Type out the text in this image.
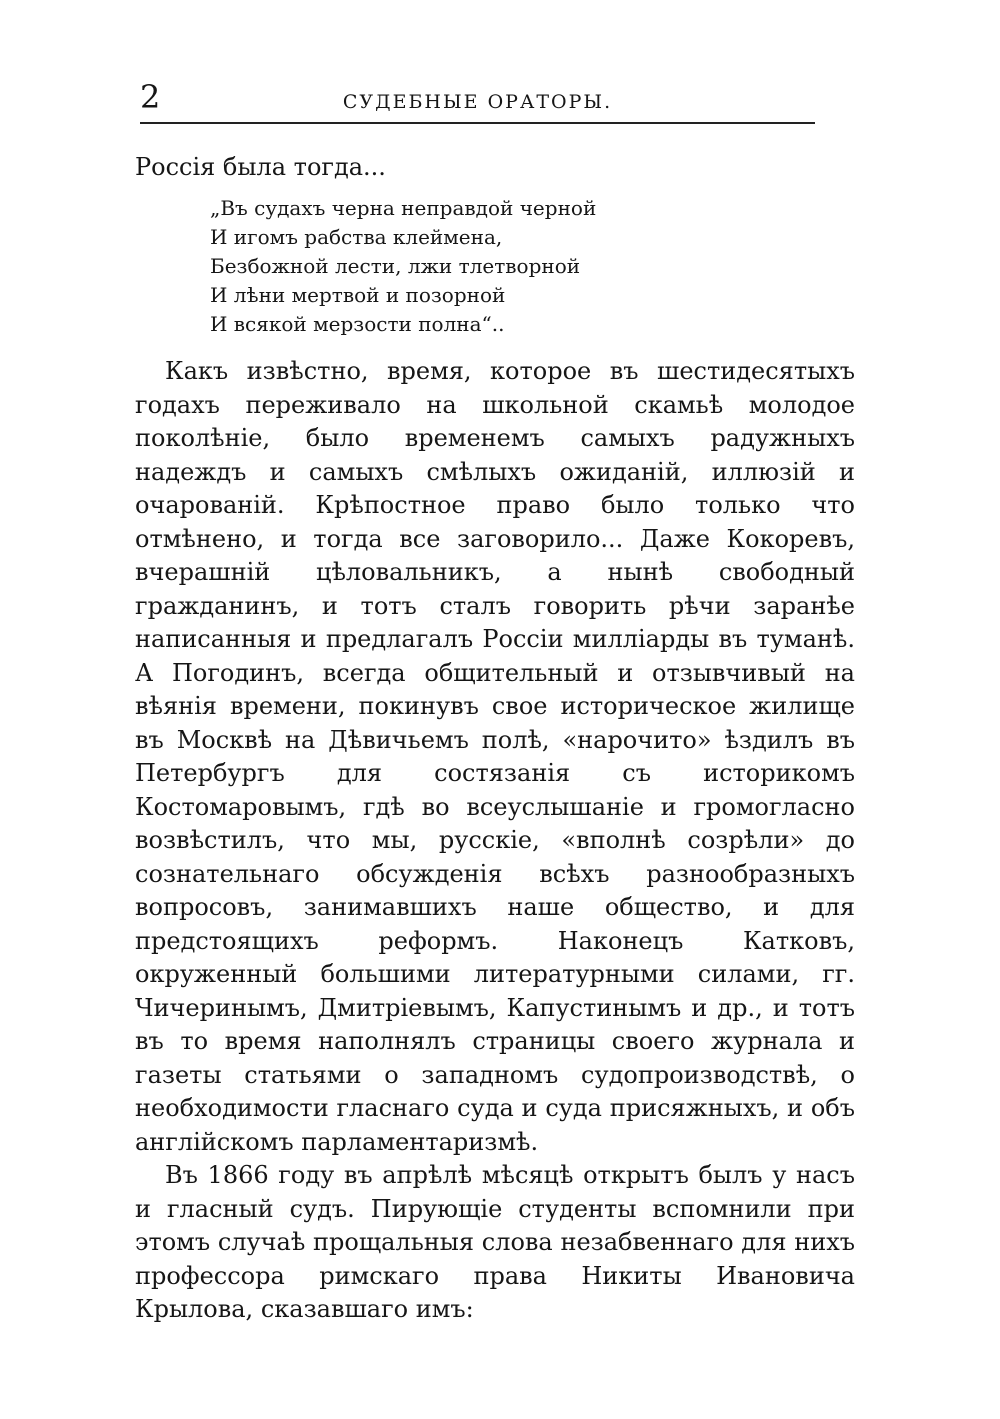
2	СУДЕБНЫЕ ОРАТОРЫ.

Россія была тогда...

„Въ судахъ черна неправдой черной
И игомъ рабства клеймена,
Безбожной лести, лжи тлетворной
И лѣни мертвой и позорной
И всякой мерзости полна“..

Какъ извѣстно, время, которое въ шестидесятыхъ годахъ переживало на школьной скамьѣ молодое поколѣніе, было временемъ самыхъ радужныхъ надеждъ и самыхъ смѣлыхъ ожиданій, иллюзій и очарованій. Крѣпостное право было только что отмѣнено, и тогда все заговорило... Даже Кокоревъ, вчерашній цѣловальникъ, а нынѣ свободный гражданинъ, и тотъ сталъ говорить рѣчи заранѣе написанныя и предлагалъ Россіи милліарды въ туманѣ. А Погодинъ, всегда общительный и отзывчивый на вѣянія времени, покинувъ свое историческое жилище въ Москвѣ на Дѣвичьемъ полѣ, «нарочито» ѣздилъ въ Петербургъ для состязанія съ историкомъ Костомаровымъ, гдѣ во всеуслышаніе и громогласно возвѣстилъ, что мы, русскіе, «вполнѣ созрѣли» до сознательнаго обсужденія всѣхъ разнообразныхъ вопросовъ, занимавшихъ наше общество, и для предстоящихъ реформъ. Наконецъ Катковъ, окруженный большими литературными силами, гг. Чичеринымъ, Дмитріевымъ, Капустинымъ и др., и тотъ въ то время наполнялъ страницы своего журнала и газеты статьями о западномъ судопроизводствѣ, о необходимости гласнаго суда и суда присяжныхъ, и объ англійскомъ парламентаризмѣ.

Въ 1866 году въ апрѣлѣ мѣсяцѣ открытъ былъ у насъ и гласный судъ. Пирующіе студенты вспомнили при этомъ случаѣ прощальныя слова незабвеннаго для нихъ профессора римскаго права Никиты Ивановича Крылова, сказавшаго имъ:
